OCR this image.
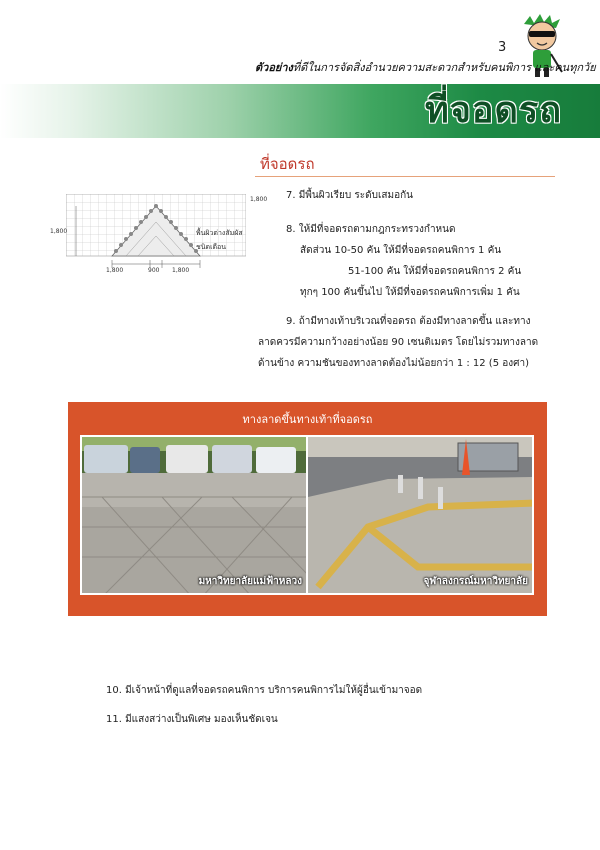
3
ตัวอย่างที่ดีในการจัดสิ่งอำนวยความสะดวกสำหรับคนพิการ และคนทุกวัย
ที่จอดรถ
ที่จอดรถ
1,800
1,800	900 1,800
1,800
พื้นผิวต่างสัมผัส
ชนิดเตือน
7. มีพื้นผิวเรียบ ระดับเสมอกัน
8. ให้มีที่จอดรถตามกฎกระทรวงกำหนด
สัดส่วน 10-50 คัน ให้มีที่จอดรถคนพิการ 1 คัน
51-100 คัน ให้มีที่จอดรถคนพิการ 2 คัน
ทุกๆ 100 คันขึ้นไป ให้มีที่จอดรถคนพิการเพิ่ม 1 คัน
9. ถ้ามีทางเท้าบริเวณที่จอดรถ ต้องมีทางลาดขึ้น และทาง
ลาดควรมีความกว้างอย่างน้อย 90 เซนติเมตร โดยไม่รวมทางลาด
ด้านข้าง ความชันของทางลาดต้องไม่น้อยกว่า 1 : 12 (5 องศา)
ทางลาดขึ้นทางเท้าที่จอดรถ
มหาวิทยาลัยแม่ฟ้าหลวง	จุฬาลงกรณ์มหาวิทยาลัย
10. มีเจ้าหน้าที่ดูแลที่จอดรถคนพิการ บริการคนพิการไม่ให้ผู้อื่นเข้ามาจอด
11. มีแสงสว่างเป็นพิเศษ มองเห็นชัดเจน
